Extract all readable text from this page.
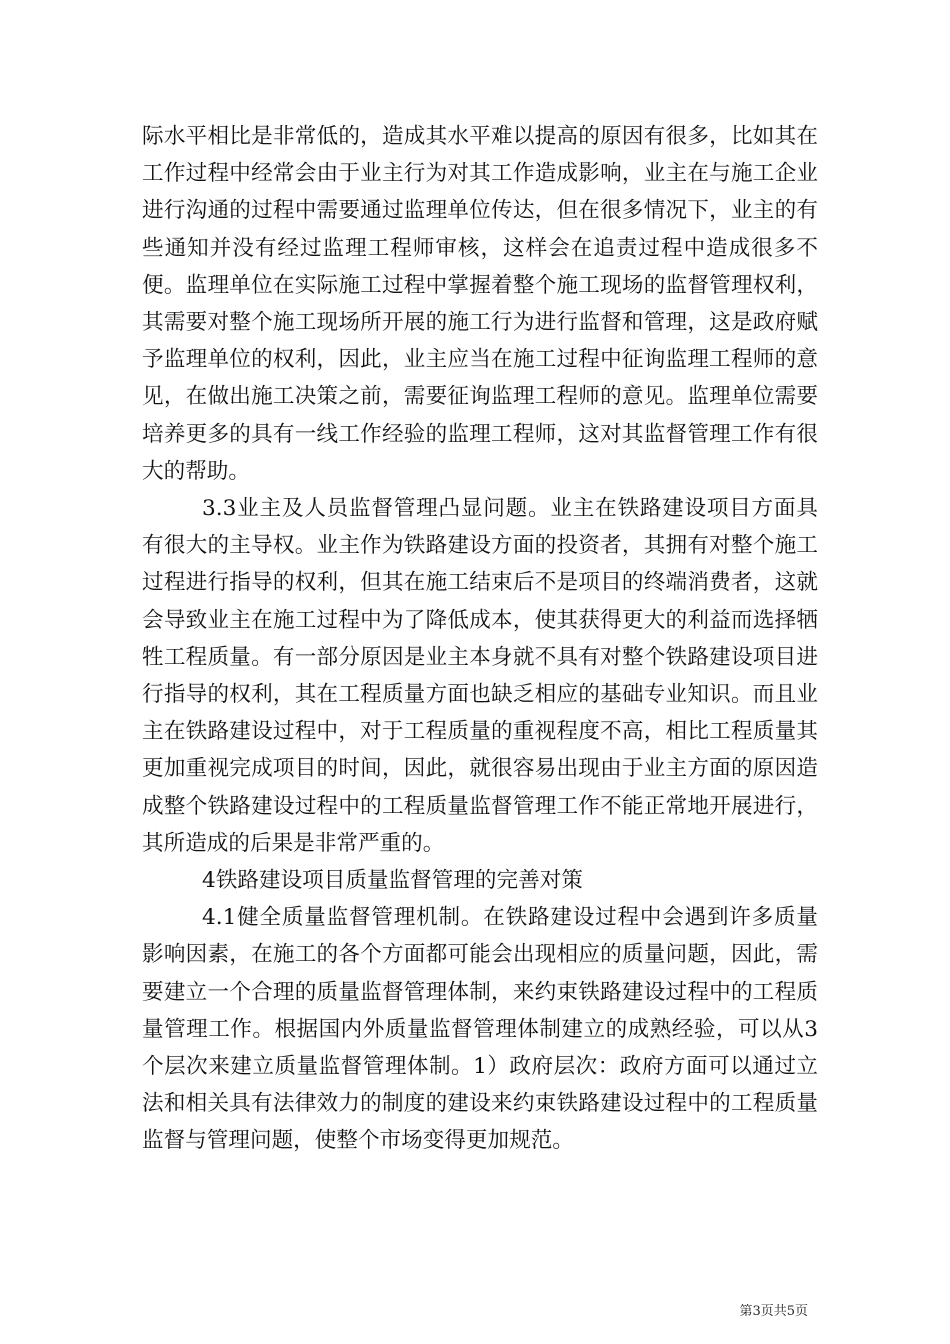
际水平相比是非常低的，造成其水平难以提高的原因有很多，比如其在工作过程中经常会由于业主行为对其工作造成影响，业主在与施工企业进行沟通的过程中需要通过监理单位传达，但在很多情况下，业主的有些通知并没有经过监理工程师审核，这样会在追责过程中造成很多不便。监理单位在实际施工过程中掌握着整个施工现场的监督管理权利，其需要对整个施工现场所开展的施工行为进行监督和管理，这是政府赋予监理单位的权利，因此，业主应当在施工过程中征询监理工程师的意见，在做出施工决策之前，需要征询监理工程师的意见。监理单位需要培养更多的具有一线工作经验的监理工程师，这对其监督管理工作有很大的帮助。

3.3业主及人员监督管理凸显问题。业主在铁路建设项目方面具有很大的主导权。业主作为铁路建设方面的投资者，其拥有对整个施工过程进行指导的权利，但其在施工结束后不是项目的终端消费者，这就会导致业主在施工过程中为了降低成本，使其获得更大的利益而选择牺牲工程质量。有一部分原因是业主本身就不具有对整个铁路建设项目进行指导的权利，其在工程质量方面也缺乏相应的基础专业知识。而且业主在铁路建设过程中，对于工程质量的重视程度不高，相比工程质量其更加重视完成项目的时间，因此，就很容易出现由于业主方面的原因造成整个铁路建设过程中的工程质量监督管理工作不能正常地开展进行，其所造成的后果是非常严重的。

4铁路建设项目质量监督管理的完善对策

4.1健全质量监督管理机制。在铁路建设过程中会遇到许多质量影响因素，在施工的各个方面都可能会出现相应的质量问题，因此，需要建立一个合理的质量监督管理体制，来约束铁路建设过程中的工程质量管理工作。根据国内外质量监督管理体制建立的成熟经验，可以从3个层次来建立质量监督管理体制。1）政府层次：政府方面可以通过立法和相关具有法律效力的制度的建设来约束铁路建设过程中的工程质量监督与管理问题，使整个市场变得更加规范。

第3页共5页
